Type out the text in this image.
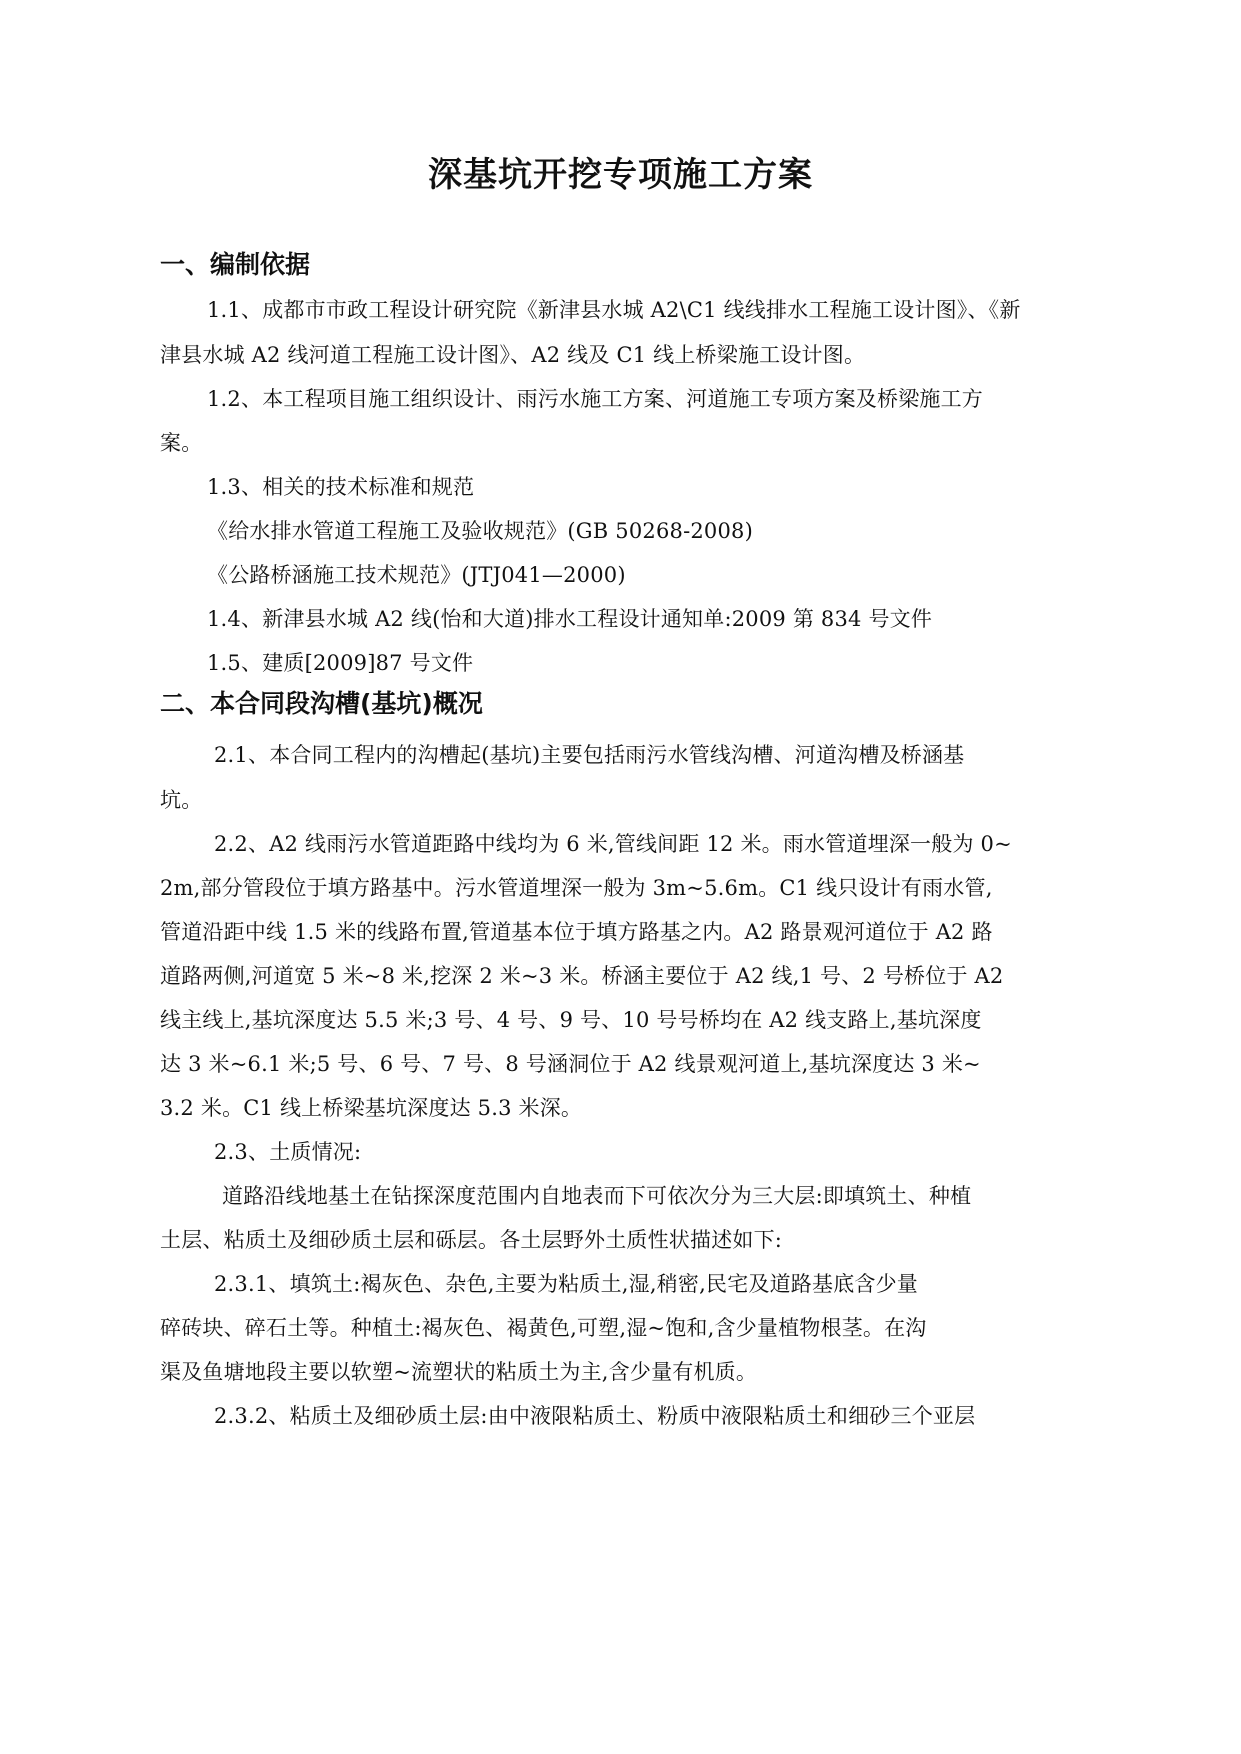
深基坑开挖专项施工方案
一、编制依据
1.1、成都市市政工程设计研究院《新津县水城 A2\C1 线线排水工程施工设计图》、《新
津县水城 A2 线河道工程施工设计图》、A2 线及 C1 线上桥梁施工设计图。
1.2、本工程项目施工组织设计、雨污水施工方案、河道施工专项方案及桥梁施工方
案。
1.3、相关的技术标准和规范
《给水排水管道工程施工及验收规范》(GB 50268-2008)
《公路桥涵施工技术规范》(JTJ041—2000)
1.4、新津县水城 A2 线(怡和大道)排水工程设计通知单:2009 第 834 号文件
1.5、建质[2009]87 号文件
二、本合同段沟槽(基坑)概况
2.1、本合同工程内的沟槽起(基坑)主要包括雨污水管线沟槽、河道沟槽及桥涵基
坑。
2.2、A2 线雨污水管道距路中线均为 6 米,管线间距 12 米。雨水管道埋深一般为 0~
2m,部分管段位于填方路基中。污水管道埋深一般为 3m~5.6m。C1 线只设计有雨水管,
管道沿距中线 1.5 米的线路布置,管道基本位于填方路基之内。A2 路景观河道位于 A2 路
道路两侧,河道宽 5 米~8 米,挖深 2 米~3 米。桥涵主要位于 A2 线,1 号、2 号桥位于 A2
线主线上,基坑深度达 5.5 米;3 号、4 号、9 号、10 号号桥均在 A2 线支路上,基坑深度
达 3 米~6.1 米;5 号、6 号、7 号、8 号涵洞位于 A2 线景观河道上,基坑深度达 3 米~
3.2 米。C1 线上桥梁基坑深度达 5.3 米深。
2.3、土质情况:
道路沿线地基土在钻探深度范围内自地表而下可依次分为三大层:即填筑土、种植
土层、粘质土及细砂质土层和砾层。各土层野外土质性状描述如下:
2.3.1、填筑土:褐灰色、杂色,主要为粘质土,湿,稍密,民宅及道路基底含少量
碎砖块、碎石土等。种植土:褐灰色、褐黄色,可塑,湿~饱和,含少量植物根茎。在沟
渠及鱼塘地段主要以软塑~流塑状的粘质土为主,含少量有机质。
2.3.2、粘质土及细砂质土层:由中液限粘质土、粉质中液限粘质土和细砂三个亚层
